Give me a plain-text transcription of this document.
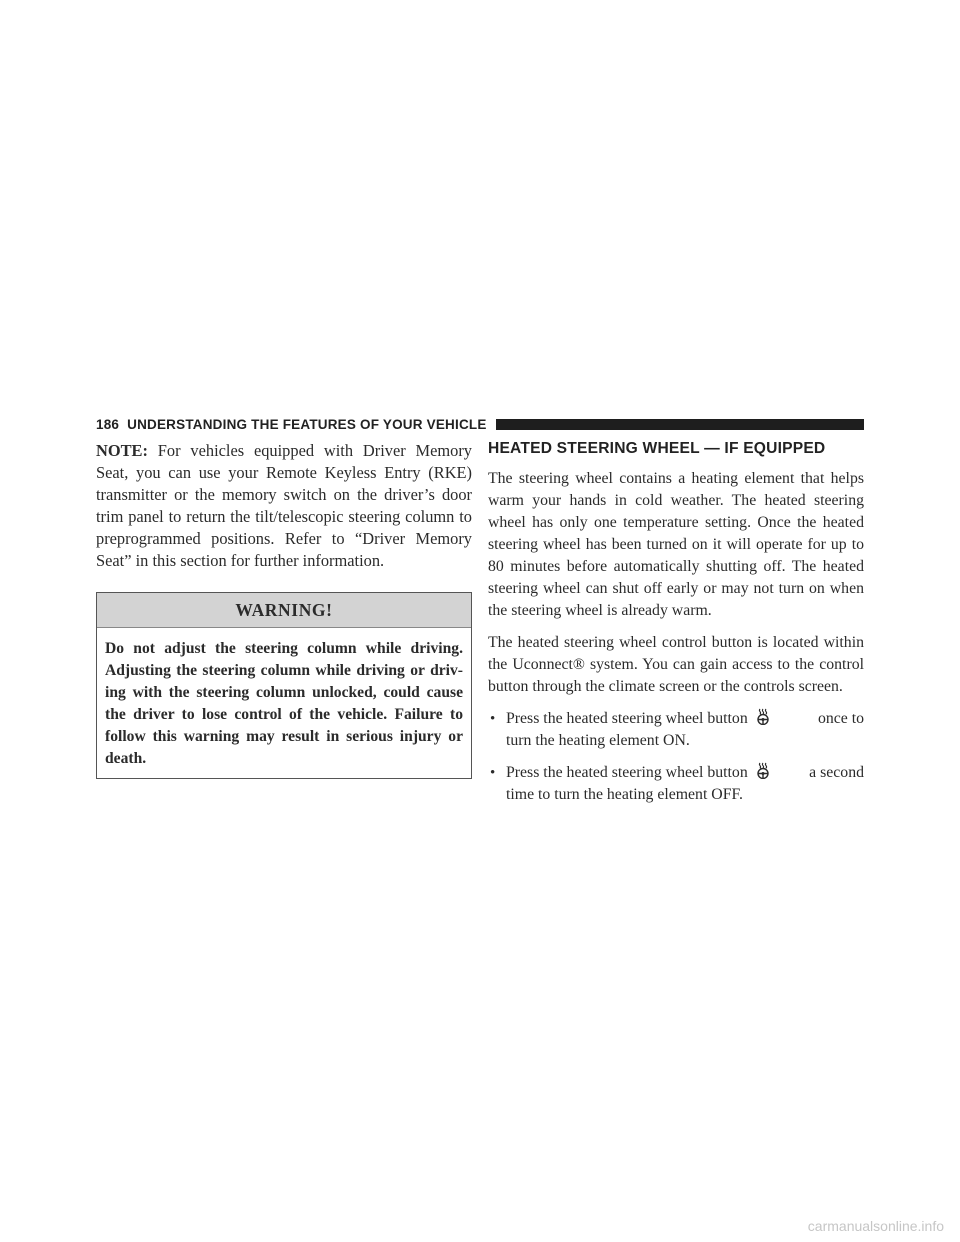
186 UNDERSTANDING THE FEATURES OF YOUR VEHICLE

NOTE: For vehicles equipped with Driver Memory Seat, you can use your Remote Keyless Entry (RKE) transmitter or the memory switch on the driver’s door trim panel to return the tilt/telescopic steering column to preprogrammed positions. Refer to “Driver Memory Seat” in this section for further information.

WARNING!
Do not adjust the steering column while driving. Adjusting the steering column while driving or driving with the steering column unlocked, could cause the driver to lose control of the vehicle. Failure to follow this warning may result in serious injury or death.
HEATED STEERING WHEEL — IF EQUIPPED

The steering wheel contains a heating element that helps warm your hands in cold weather. The heated steering wheel has only one temperature setting. Once the heated steering wheel has been turned on it will operate for up to 80 minutes before automatically shutting off. The heated steering wheel can shut off early or may not turn on when the steering wheel is already warm.

The heated steering wheel control button is located within the Uconnect® system. You can gain access to the control button through the climate screen or the controls screen.

• Press the heated steering wheel button	once to
turn the heating element ON.
• Press the heated steering wheel button	a second
time to turn the heating element OFF.
carmanualsonline.info
